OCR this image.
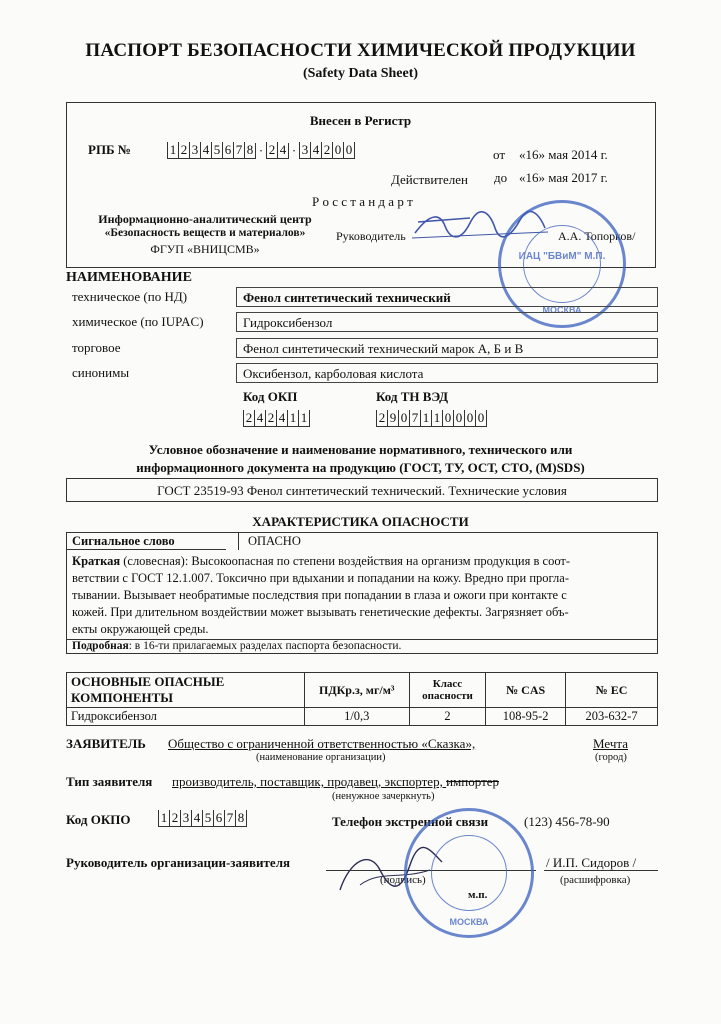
ПАСПОРТ БЕЗОПАСНОСТИ ХИМИЧЕСКОЙ ПРОДУКЦИИ
(Safety Data Sheet)
Внесен в Регистр
РПБ №	1 2 3 4 5 6 7 8 · 2 4 · 3 4 2 0 0	от «16» мая 2014 г.
Действителен до «16» мая 2017 г.
Р о с с т а н д а р т
Информационно-аналитический центр
«Безопасность веществ и материалов»
ФГУП «ВНИЦСМВ»
Руководитель	А.А. Топорков/
ИАЦ "БВиМ" М.П.
МОСКВА
НАИМЕНОВАНИЕ
техническое (по НД)	Фенол синтетический технический
химическое (по IUPAC)	Гидроксибензол
торговое	Фенол синтетический технический марок А, Б и В
синонимы	Оксибензол, карболовая кислота
Код ОКП
2 4 2 4 1 1
Код ТН ВЭД
2 9 0 7 1 1 0 0 0 0
Условное обозначение и наименование нормативного, технического или
информационного документа на продукцию (ГОСТ, ТУ, ОСТ, СТО, (М)SDS)
ГОСТ 23519-93 Фенол синтетический технический. Технические условия
ХАРАКТЕРИСТИКА ОПАСНОСТИ
Сигнальное слово	ОПАСНО
Краткая (словесная): Высокоопасная по степени воздействия на организм продукция в соот-
ветствии с ГОСТ 12.1.007. Токсично при вдыхании и попадании на кожу. Вредно при прогла-
тывании. Вызывает необратимые последствия при попадании в глаза и ожоги при контакте с
кожей. При длительном воздействии может вызывать генетические дефекты. Загрязняет объ-
екты окружающей среды.
Подробная: в 16-ти прилагаемых разделах паспорта безопасности.
ОСНОВНЫЕ ОПАСНЫЕ КОМПОНЕНТЫ	ПДКр.з, мг/м³	Класс опасности	№ CAS	№ ЕС
Гидроксибензол	1/0,3	2	108-95-2	203-632-7
ЗАЯВИТЕЛЬ Общество с ограниченной ответственностью «Сказка»,
(наименование организации)
Мечта
(город)
Тип заявителя производитель, поставщик, продавец, экспортер, импортер
(ненужное зачеркнуть)
Код ОКПО 1 2 3 4 5 6 7 8	Телефон экстренной связи	(123) 456-78-90
Руководитель организации-заявителя	/ И.П. Сидоров /
(подпись)	(расшифровка)
м.п.
МОСКВА
